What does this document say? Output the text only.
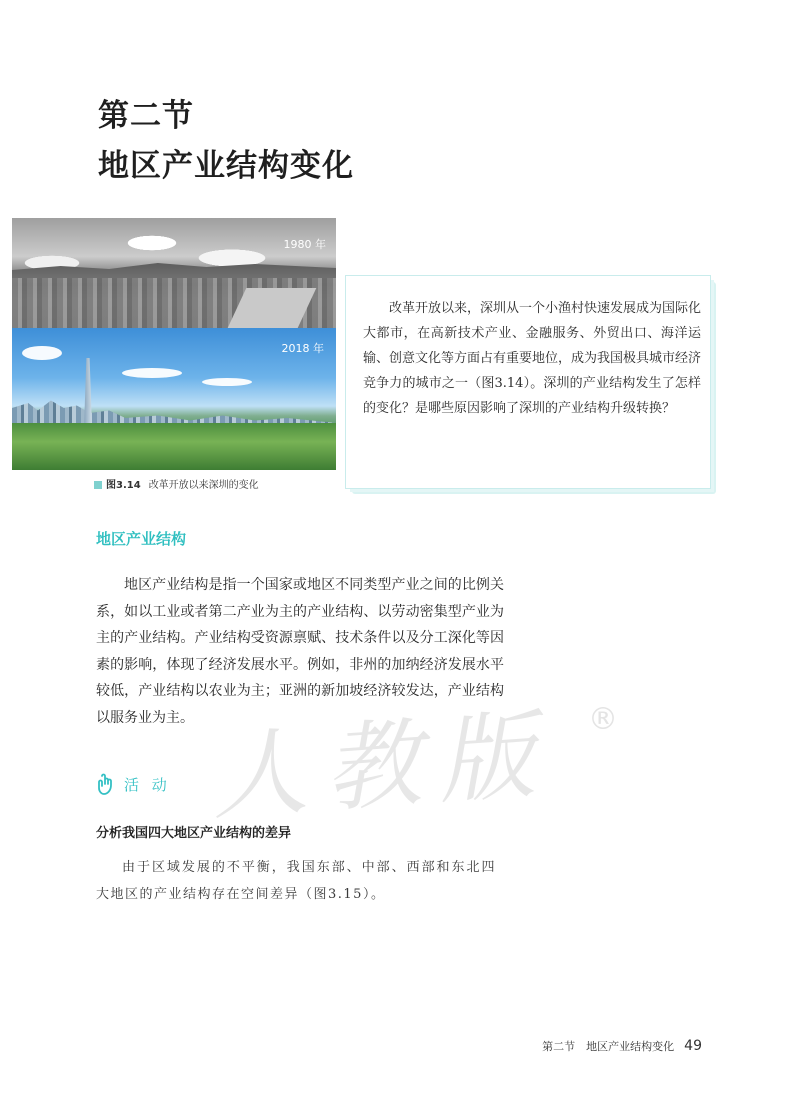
第二节
地区产业结构变化
改革开放以来，深圳从一个小渔村快速发展成为国际化大都市，在高新技术产业、金融服务、外贸出口、海洋运输、创意文化等方面占有重要地位，成为我国极具城市经济竞争力的城市之一（图3.14）。深圳的产业结构发生了怎样的变化？是哪些原因影响了深圳的产业结构升级转换？
1980 年
2018 年
图3.14 改革开放以来深圳的变化
地区产业结构
地区产业结构是指一个国家或地区不同类型产业之间的比例关系，如以工业或者第二产业为主的产业结构、以劳动密集型产业为主的产业结构。产业结构受资源禀赋、技术条件以及分工深化等因素的影响，体现了经济发展水平。例如，非州的加纳经济发展水平较低，产业结构以农业为主；亚洲的新加坡经济较发达，产业结构以服务业为主。 人教版 ®
活 动
分析我国四大地区产业结构的差异
由于区域发展的不平衡，我国东部、中部、西部和东北四大地区的产业结构存在空间差异（图3.15）。
第二节　地区产业结构变化 49
